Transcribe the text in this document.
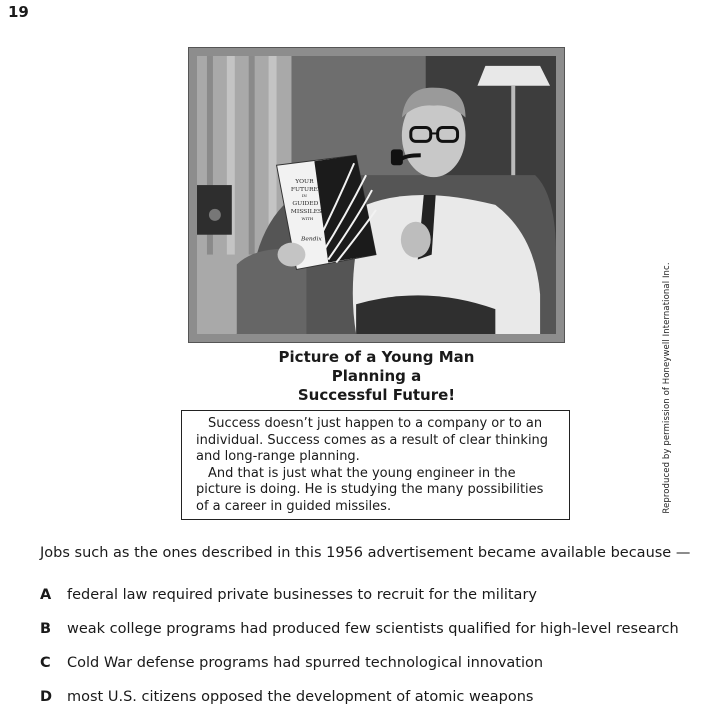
19
YOUR
FUTURE
IN
GUIDED
MISSILES
WITH
Bendix
Picture of a Young Man
Planning a
Successful Future!

Success doesn’t just happen to a company or to an individual. Success comes as a result of clear thinking and long-range planning.

And that is just what the young engineer in the picture is doing. He is studying the many possibilities of a career in guided missiles.	Reproduced by permission of Honeywell International Inc.
Jobs such as the ones described in this 1956 advertisement became available because —
A federal law required private businesses to recruit for the military
B weak college programs had produced few scientists qualified for high-level research
C Cold War defense programs had spurred technological innovation
D most U.S. citizens opposed the development of atomic weapons
